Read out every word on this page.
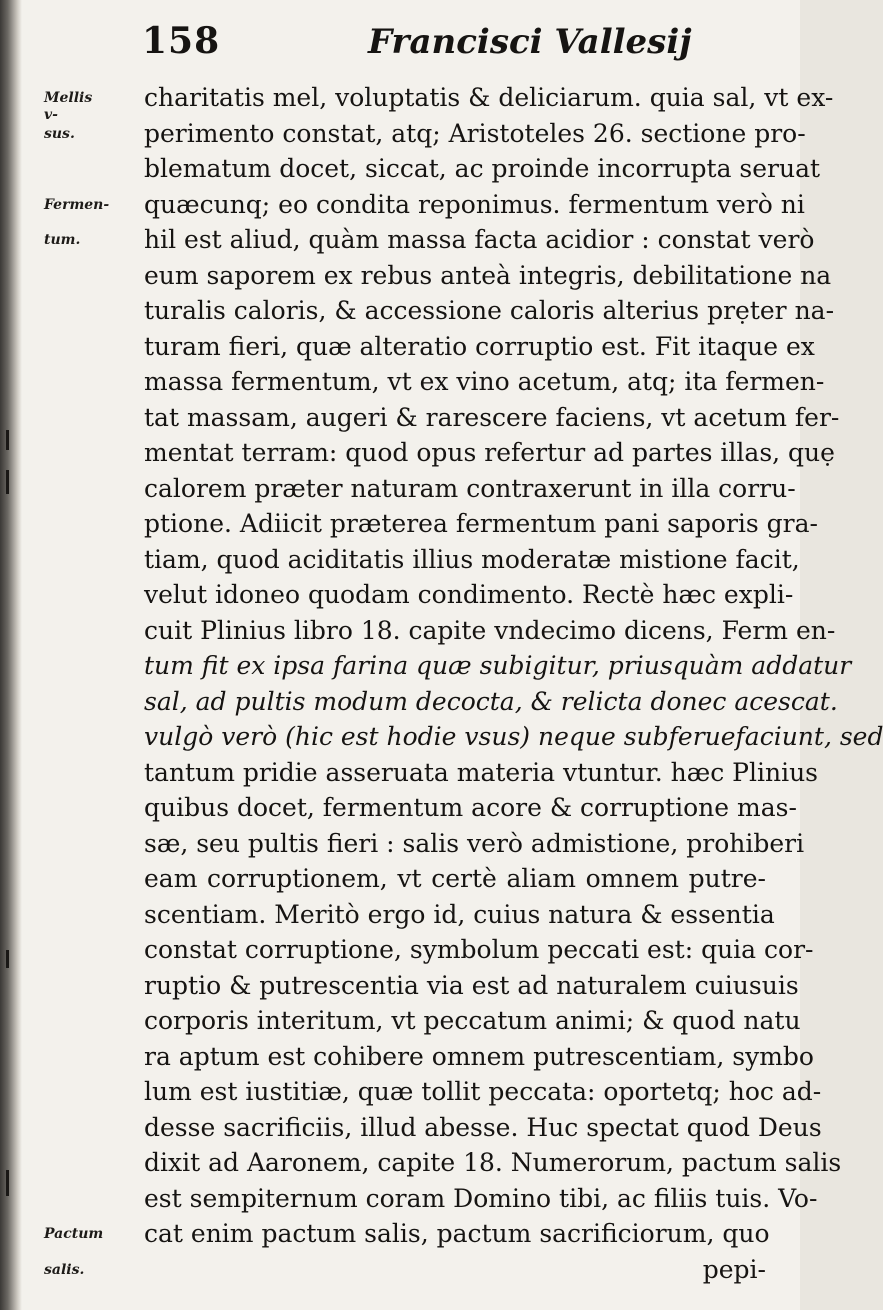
158	Francisci Vallesij
Mellis v-
sus.
Fermen-
tum.
Pactum
salis.
charitatis mel, voluptatis & deliciarum. quia sal, vt ex-
perimento constat, atq; Aristoteles 26. sectione pro-
blematum docet, siccat, ac proinde incorrupta seruat
quæcunq; eo condita reponimus. fermentum verò ni
hil est aliud, quàm massa facta acidior : constat verò
eum saporem ex rebus anteà integris, debilitatione na
turalis caloris, & accessione caloris alterius prẹter na-
turam fieri, quæ alteratio corruptio est. Fit itaque ex
massa fermentum, vt ex vino acetum, atq; ita fermen-
tat massam, augeri & rarescere faciens, vt acetum fer-
mentat terram: quod opus refertur ad partes illas, quẹ
calorem præter naturam contraxerunt in illa corru-
ptione. Adiicit præterea fermentum pani saporis gra-
tiam, quod aciditatis illius moderatæ mistione facit,
velut idoneo quodam condimento. Rectè hæc expli-
cuit Plinius libro 18. capite vndecimo dicens, Ferm en-
tum fit ex ipsa farina quæ subigitur, priusquàm addatur
sal, ad pultis modum decocta, & relicta donec acescat.
vulgò verò (hic est hodie vsus) neque subferuefaciunt, sed
tantum pridie asseruata materia vtuntur. hæc Plinius
quibus docet, fermentum acore & corruptione mas-
sæ, seu pultis fieri : salis verò admistione, prohiberi
eam corruptionem, vt certè aliam omnem putre-
scentiam. Meritò ergo id, cuius natura & essentia
constat corruptione, symbolum peccati est: quia cor-
ruptio & putrescentia via est ad naturalem cuiusuis
corporis interitum, vt peccatum animi; & quod natu
ra aptum est cohibere omnem putrescentiam, symbo
lum est iustitiæ, quæ tollit peccata: oportetq; hoc ad-
desse sacrificiis, illud abesse. Huc spectat quod Deus
dixit ad Aaronem, capite 18. Numerorum, pactum salis
est sempiternum coram Domino tibi, ac filiis tuis. Vo-
cat enim pactum salis, pactum sacrificiorum, quo
pepi-
